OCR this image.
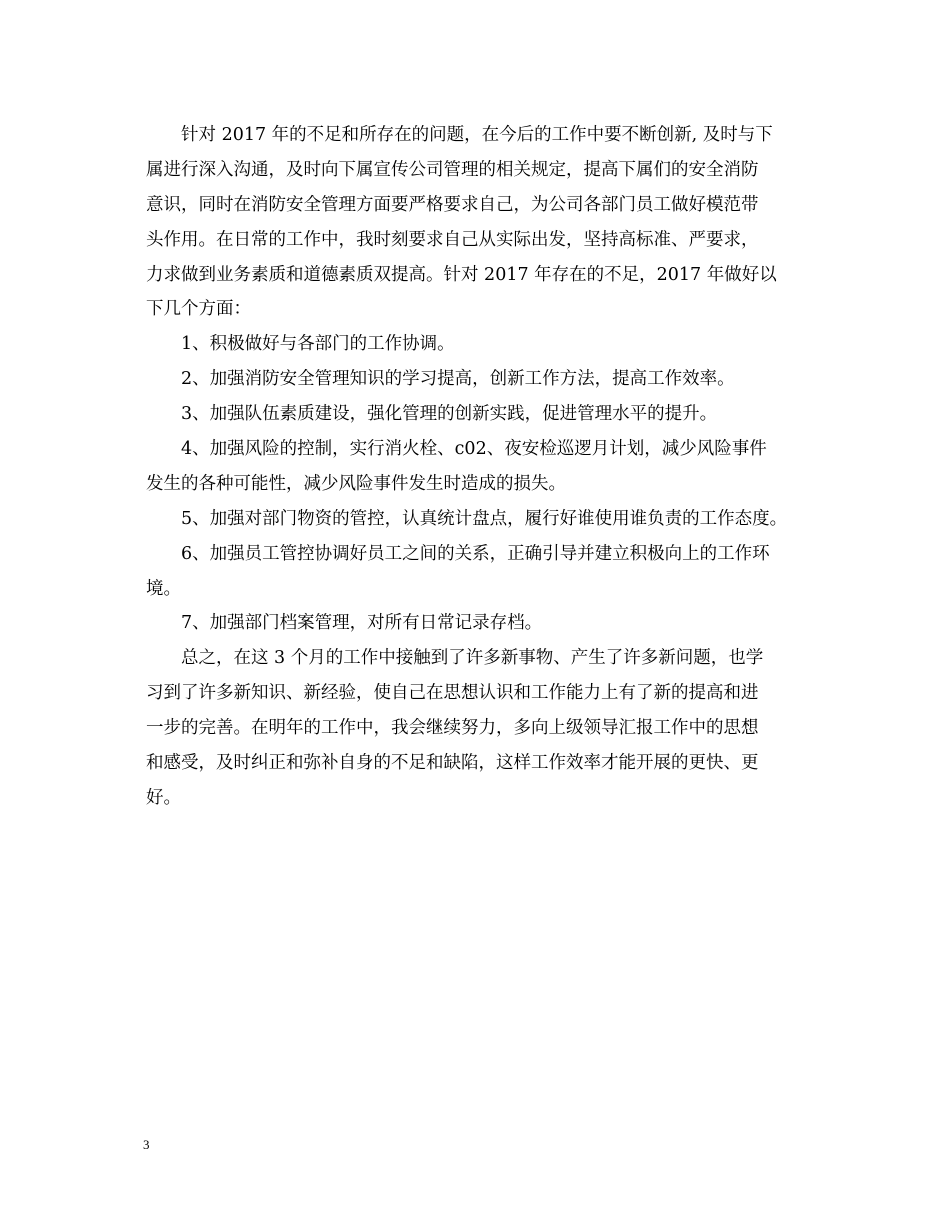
针对 2017 年的不足和所存在的问题，在今后的工作中要不断创新, 及时与下
属进行深入沟通，及时向下属宣传公司管理的相关规定，提高下属们的安全消防
意识，同时在消防安全管理方面要严格要求自己，为公司各部门员工做好模范带
头作用。在日常的工作中，我时刻要求自己从实际出发，坚持高标准、严要求，
力求做到业务素质和道德素质双提高。针对 2017 年存在的不足，2017 年做好以
下几个方面：
1、积极做好与各部门的工作协调。
2、加强消防安全管理知识的学习提高，创新工作方法，提高工作效率。
3、加强队伍素质建设，强化管理的创新实践，促进管理水平的提升。
4、加强风险的控制，实行消火栓、c02、夜安检巡逻月计划，减少风险事件
发生的各种可能性，减少风险事件发生时造成的损失。
5、加强对部门物资的管控，认真统计盘点，履行好谁使用谁负责的工作态度。
6、加强员工管控协调好员工之间的关系，正确引导并建立积极向上的工作环
境。
7、加强部门档案管理，对所有日常记录存档。
总之，在这 3 个月的工作中接触到了许多新事物、产生了许多新问题，也学
习到了许多新知识、新经验，使自己在思想认识和工作能力上有了新的提高和进
一步的完善。在明年的工作中，我会继续努力，多向上级领导汇报工作中的思想
和感受，及时纠正和弥补自身的不足和缺陷，这样工作效率才能开展的更快、更
好。
3
